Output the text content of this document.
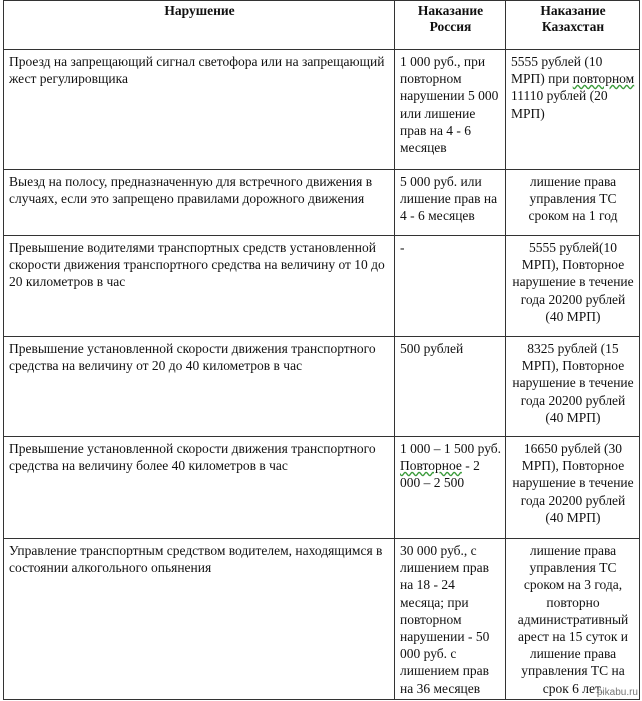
Нарушение	Наказание Россия	Наказание Казахстан
Проезд на запрещающий сигнал светофора или на запрещающий жест регулировщика	1 000 руб., при повторном нарушении 5 000 или лишение прав на 4 - 6 месяцев	5555 рублей (10 МРП) при повторном 11110 рублей (20 МРП)
Выезд на полосу, предназначенную для встречного движения в случаях, если это запрещено правилами дорожного движения	5 000 руб. или лишение прав на 4 - 6 месяцев	лишение права управления ТС сроком на 1 год
Превышение водителями транспортных средств установленной скорости движения транспортного средства на величину от 10 до 20 километров в час	-	5555 рублей(10 МРП), Повторное нарушение в течение года 20200 рублей (40 МРП)
Превышение установленной скорости движения транспортного средства на величину от 20 до 40 километров в час	500 рублей	8325 рублей (15 МРП), Повторное нарушение в течение года 20200 рублей (40 МРП)
Превышение установленной скорости движения транспортного средства на величину более 40 километров в час	1 000 – 1 500 руб. Повторное - 2 000 – 2 500	16650 рублей (30 МРП), Повторное нарушение в течение года 20200 рублей (40 МРП)
Управление транспортным средством водителем, находящимся в состоянии алкогольного опьянения	30 000 руб., с лишением прав на 18 - 24 месяца; при повторном нарушении - 50 000 руб. с лишением прав на 36 месяцев	лишение права управления ТС сроком на 3 года, повторно административный арест на 15 суток и лишение права управления ТС на срок 6 лет.
pikabu.ru
